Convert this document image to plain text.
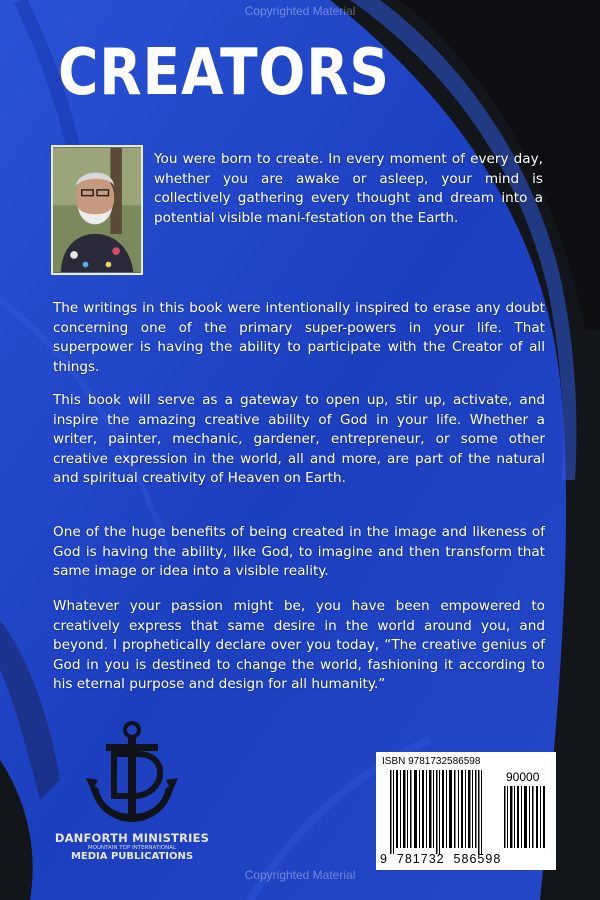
Copyrighted Material
CREATORS

You were born to create. In every moment of every day, whether you are awake or asleep, your mind is collectively gathering every thought and dream into a potential visible mani-festation on the Earth.

The writings in this book were intentionally inspired to erase any doubt concerning one of the primary super-powers in your life. That superpower is having the ability to participate with the Creator of all things.

This book will serve as a gateway to open up, stir up, activate, and inspire the amazing creative ability of God in your life. Whether a writer, painter, mechanic, gardener, entrepreneur, or some other creative expression in the world, all and more, are part of the natural and spiritual creativity of Heaven on Earth.

One of the huge benefits of being created in the image and likeness of God is having the ability, like God, to imagine and then transform that same image or idea into a visible reality.

Whatever your passion might be, you have been empowered to creatively express that same desire in the world around you, and beyond. I prophetically declare over you today, “The creative genius of God in you is destined to change the world, fashioning it according to his eternal purpose and design for all humanity.”

DANFORTH MINISTRIES
MOUNTAIN TOP INTERNATIONAL
MEDIA PUBLICATIONS
ISBN 9781732586598
90000
9  781732  586598
Copyrighted Material
